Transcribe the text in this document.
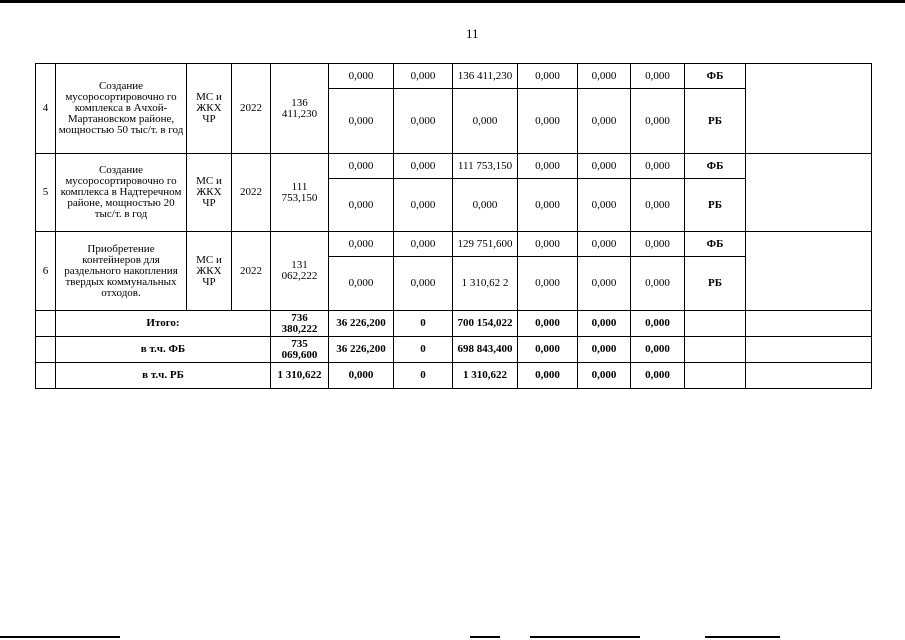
11
4	Создание мусоросортировочно го комплекса в Ачхой-Мартановском районе, мощностью 50 тыс/т. в год	МС и ЖКХ ЧР	2022	136 411,230	0,000	0,000	136 411,230	0,000	0,000	0,000	ФБ	
					0,000	0,000	0,000	0,000	0,000	0,000	РБ	
5	Создание мусоросортировочно го комплекса в Надтеречном районе, мощностью 20 тыс/т. в год	МС и ЖКХ ЧР	2022	111 753,150	0,000	0,000	111 753,150	0,000	0,000	0,000	ФБ	
					0,000	0,000	0,000	0,000	0,000	0,000	РБ	
6	Приобретение контейнеров для раздельного накопления твердых коммунальных отходов.	МС и ЖКХ ЧР	2022	131 062,222	0,000	0,000	129 751,600	0,000	0,000	0,000	ФБ	
					0,000	0,000	1 310,62 2	0,000	0,000	0,000	РБ	
	Итого:			736 380,222	36 226,200	0	700 154,022	0,000	0,000	0,000		
	в т.ч. ФБ			735 069,600	36 226,200	0	698 843,400	0,000	0,000	0,000		
	в т.ч. РБ			1 310,622	0,000	0	1 310,622	0,000	0,000	0,000		
